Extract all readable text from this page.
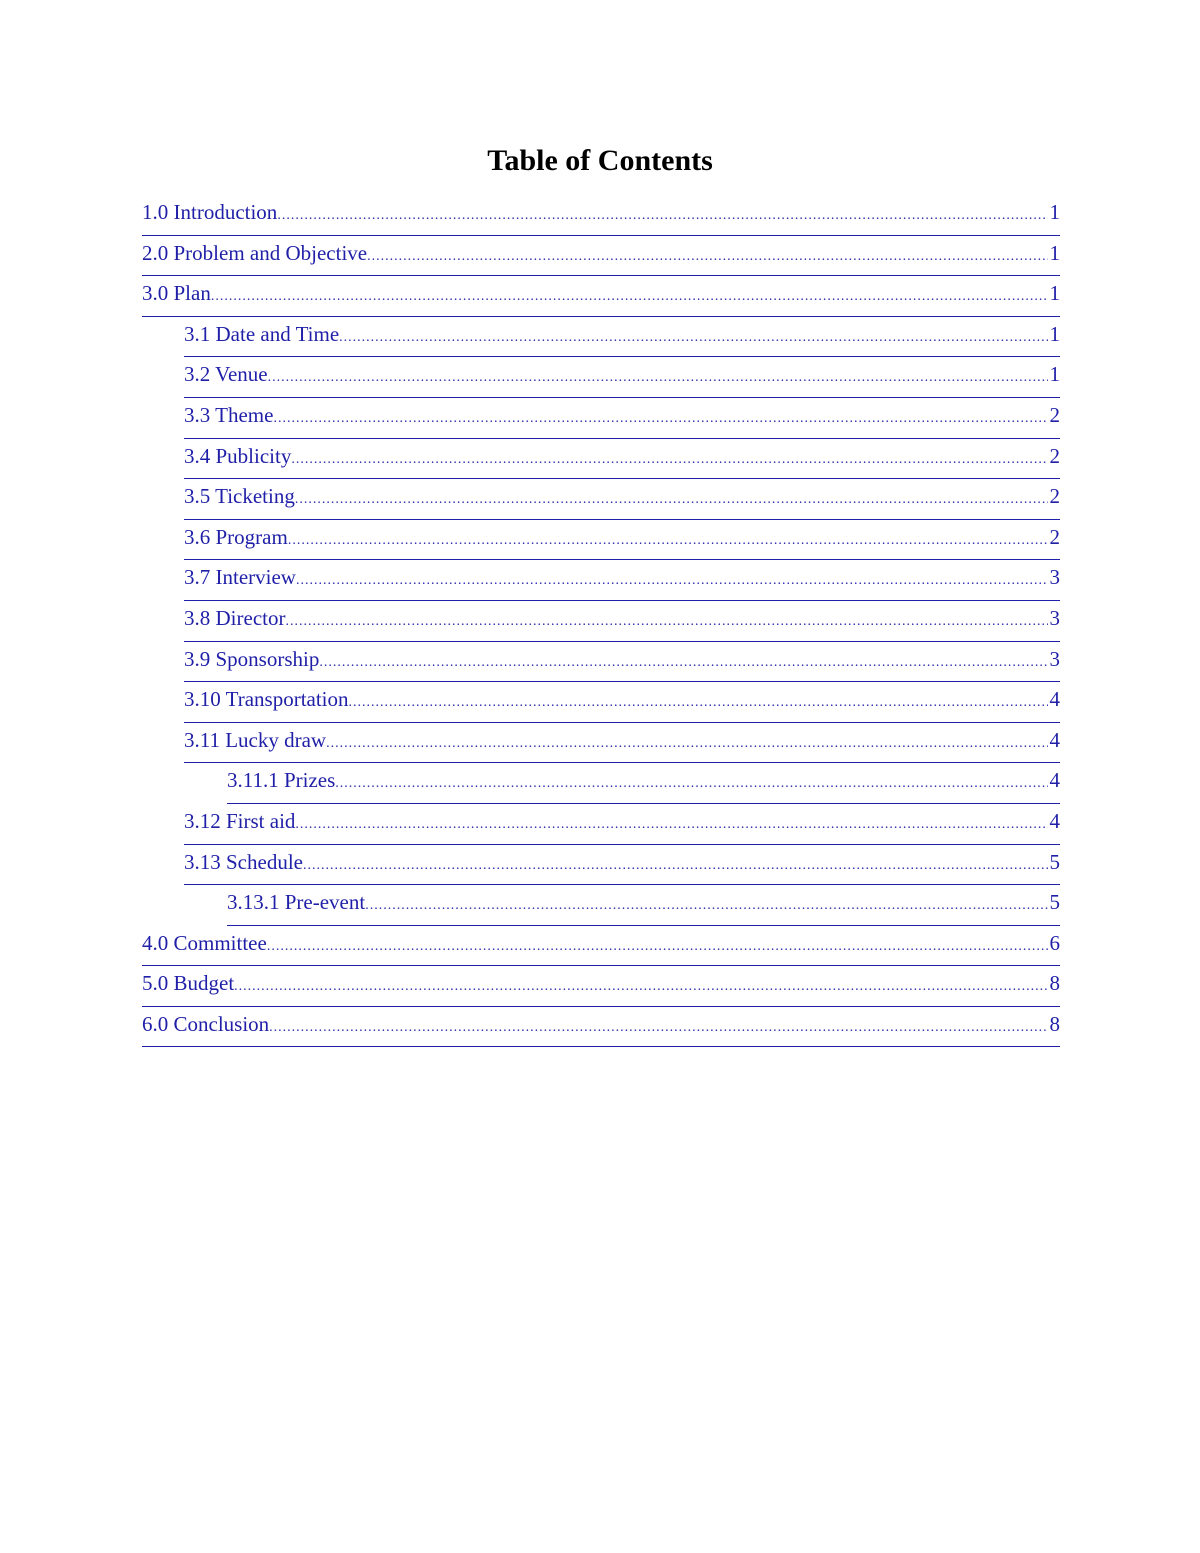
Table of Contents
1.0 Introduction .....	1
2.0 Problem and Objective .....	1
3.0 Plan .....	1
3.1 Date and Time .....	1
3.2 Venue .....	1
3.3 Theme .....	2
3.4 Publicity .....	2
3.5 Ticketing .....	2
3.6 Program .....	2
3.7 Interview .....	3
3.8 Director .....	3
3.9 Sponsorship .....	3
3.10 Transportation .....	4
3.11 Lucky draw .....	4
3.11.1 Prizes .....	4
3.12 First aid .....	4
3.13 Schedule .....	5
3.13.1 Pre-event .....	5
4.0 Committee .....	6
5.0 Budget .....	8
6.0 Conclusion .....	8
